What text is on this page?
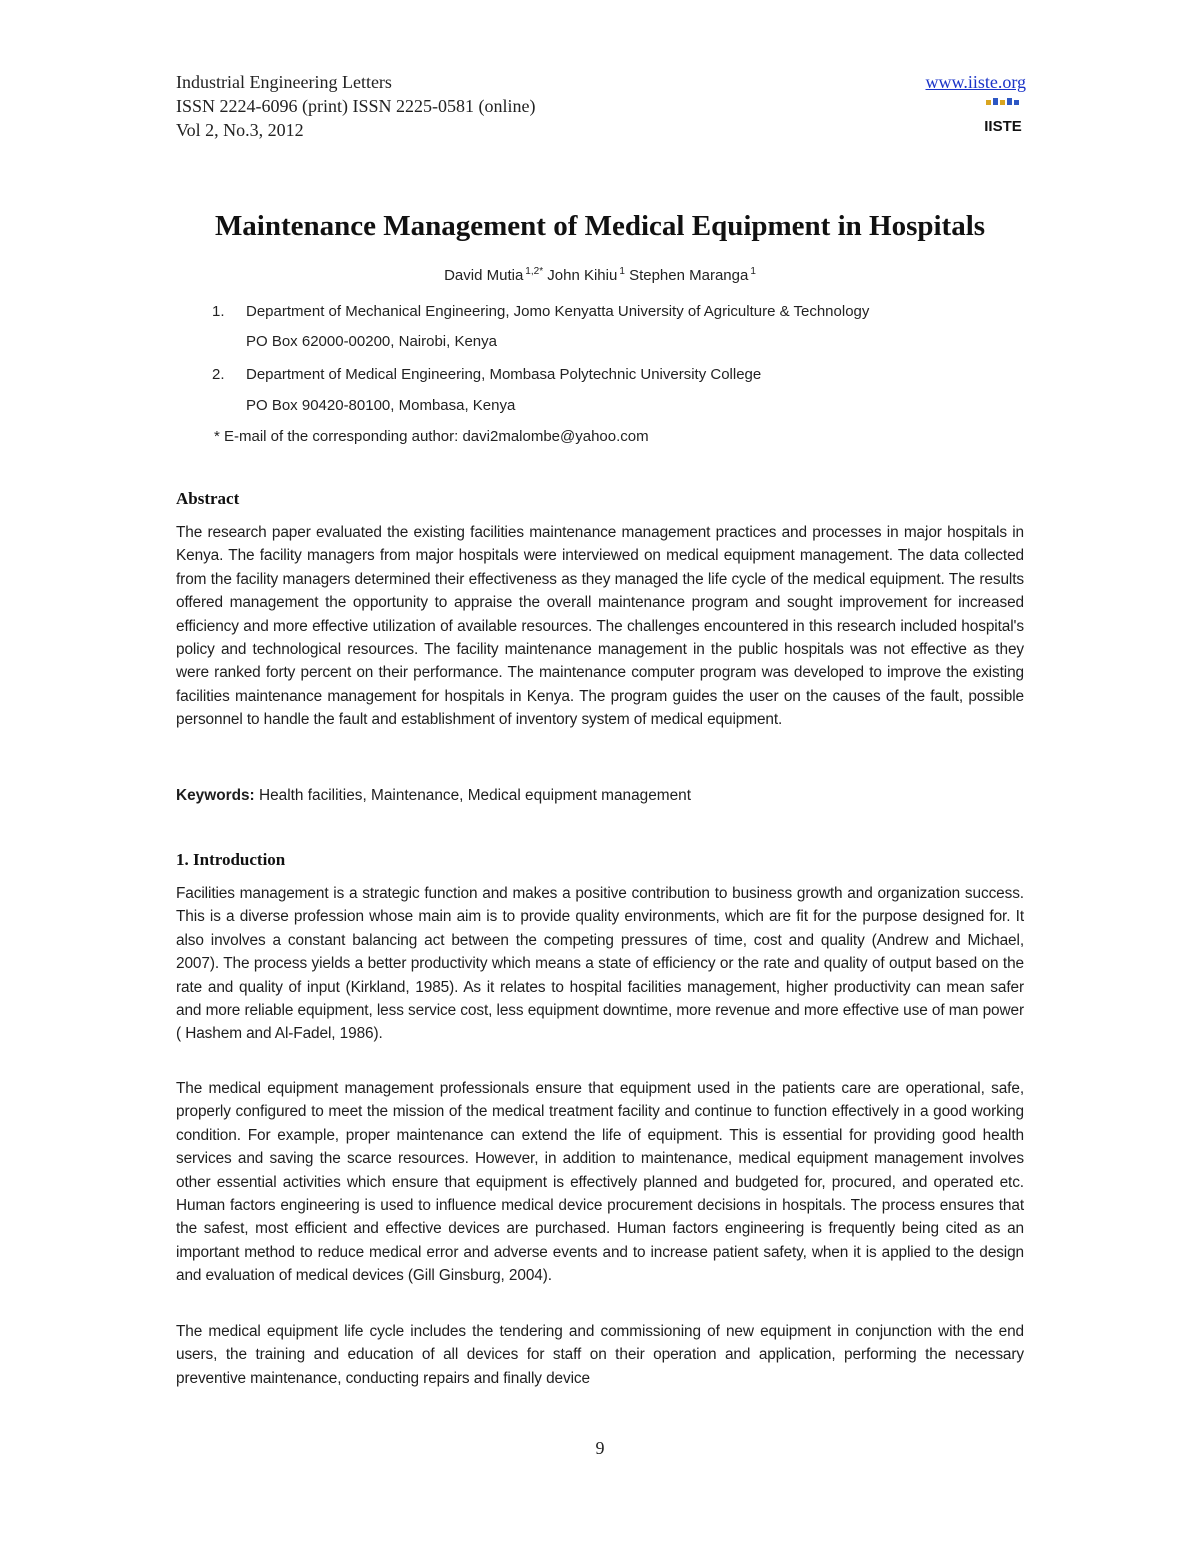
Industrial Engineering Letters
ISSN 2224-6096 (print) ISSN 2225-0581 (online)
Vol 2, No.3, 2012
www.iiste.org
IISTE
Maintenance Management of Medical Equipment in Hospitals
David Mutia $^{1,2*}$ John Kihiu $^1$ Stephen Maranga $^1$
1. Department of Mechanical Engineering, Jomo Kenyatta University of Agriculture & Technology
PO Box 62000-00200, Nairobi, Kenya
2. Department of Medical Engineering, Mombasa Polytechnic University College
PO Box 90420-80100, Mombasa, Kenya
* E-mail of the corresponding author: davi2malombe@yahoo.com
Abstract
The research paper evaluated the existing facilities maintenance management practices and processes in major hospitals in Kenya. The facility managers from major hospitals were interviewed on medical equipment management. The data collected from the facility managers determined their effectiveness as they managed the life cycle of the medical equipment. The results offered management the opportunity to appraise the overall maintenance program and sought improvement for increased efficiency and more effective utilization of available resources. The challenges encountered in this research included hospital's policy and technological resources. The facility maintenance management in the public hospitals was not effective as they were ranked forty percent on their performance. The maintenance computer program was developed to improve the existing facilities maintenance management for hospitals in Kenya. The program guides the user on the causes of the fault, possible personnel to handle the fault and establishment of inventory system of medical equipment.
Keywords: Health facilities, Maintenance, Medical equipment management
1. Introduction
Facilities management is a strategic function and makes a positive contribution to business growth and organization success. This is a diverse profession whose main aim is to provide quality environments, which are fit for the purpose designed for. It also involves a constant balancing act between the competing pressures of time, cost and quality (Andrew and Michael, 2007). The process yields a better productivity which means a state of efficiency or the rate and quality of output based on the rate and quality of input (Kirkland, 1985). As it relates to hospital facilities management, higher productivity can mean safer and more reliable equipment, less service cost, less equipment downtime, more revenue and more effective use of man power ( Hashem and Al-Fadel, 1986).
The medical equipment management professionals ensure that equipment used in the patients care are operational, safe, properly configured to meet the mission of the medical treatment facility and continue to function effectively in a good working condition. For example, proper maintenance can extend the life of equipment. This is essential for providing good health services and saving the scarce resources. However, in addition to maintenance, medical equipment management involves other essential activities which ensure that equipment is effectively planned and budgeted for, procured, and operated etc. Human factors engineering is used to influence medical device procurement decisions in hospitals. The process ensures that the safest, most efficient and effective devices are purchased. Human factors engineering is frequently being cited as an important method to reduce medical error and adverse events and to increase patient safety, when it is applied to the design and evaluation of medical devices (Gill Ginsburg, 2004).
The medical equipment life cycle includes the tendering and commissioning of new equipment in conjunction with the end users, the training and education of all devices for staff on their operation and application, performing the necessary preventive maintenance, conducting repairs and finally device
9
